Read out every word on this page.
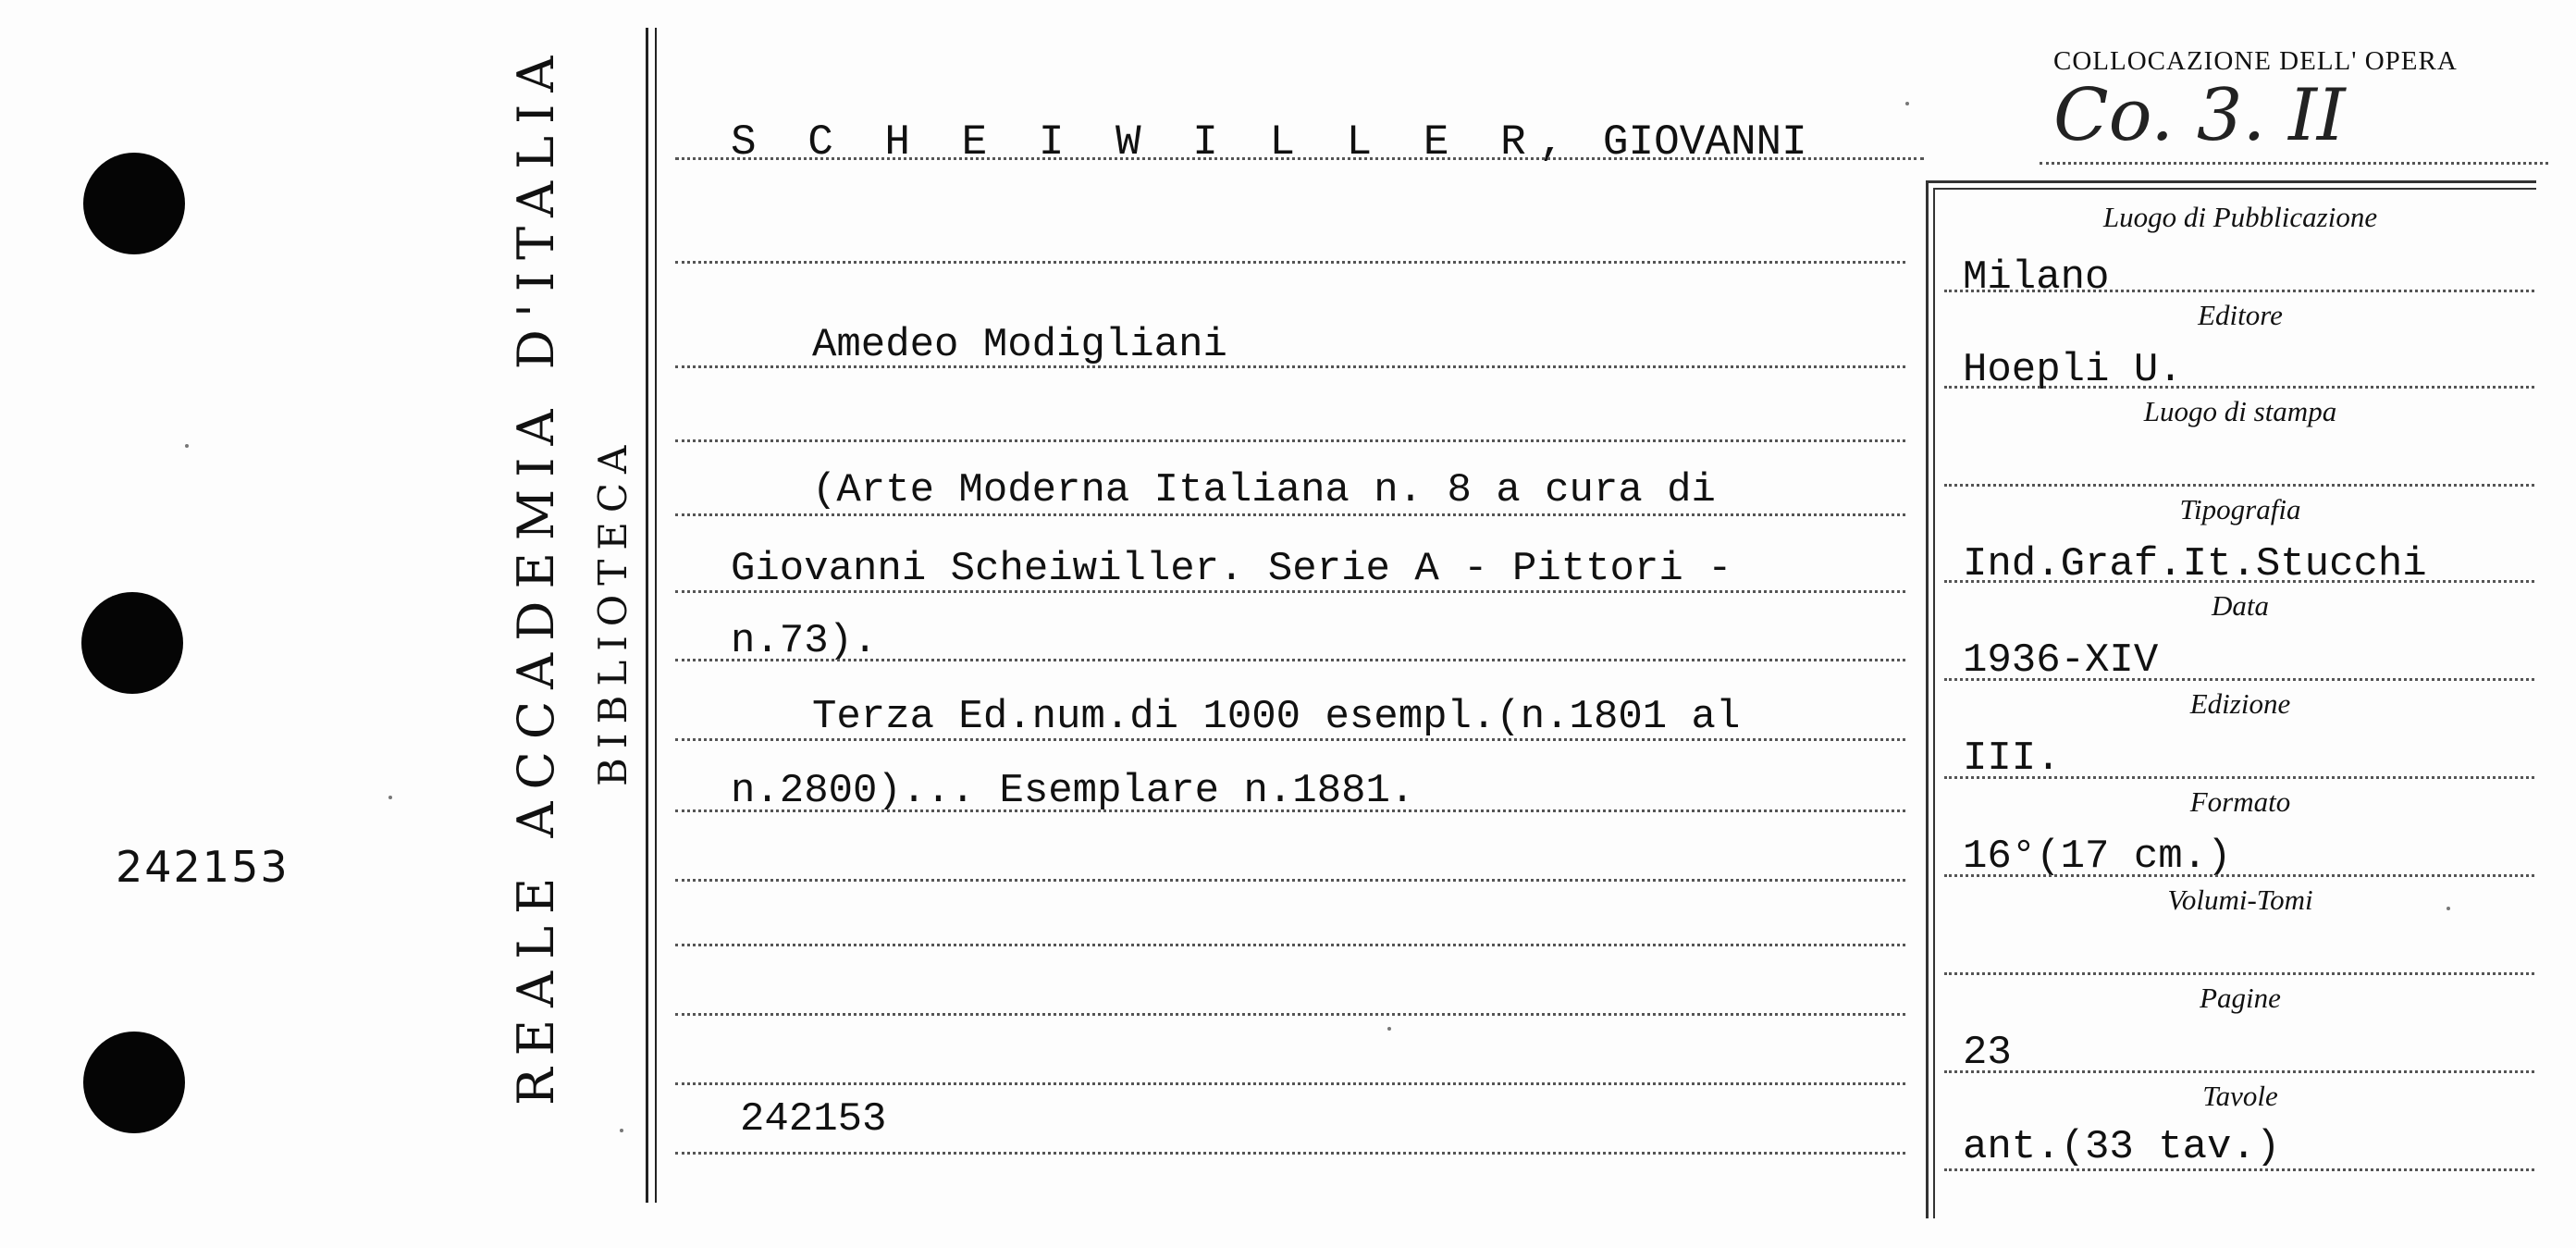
242153	REALE ACCADEMIA D'ITALIA BIBLIOTECA
COLLOCAZIONE DELL' OPERA
Co. 3. II
S C H E I W I L L E R, GIOVANNI
Amedeo Modigliani
(Arte Moderna Italiana n. 8 a cura di
Giovanni Scheiwiller. Serie A - Pittori -
n.73).
Terza Ed.num.di 1000 esempl.(n.1801 al
n.2800)... Esemplare n.1881.
242153
Luogo di Pubblicazione
Milano
Editore
Hoepli U.
Luogo di stampa
Tipografia
Ind.Graf.It.Stucchi
Data
1936-XIV
Edizione
III.
Formato
16°(17 cm.)
Volumi-Tomi
Pagine
23
Tavole
ant.(33 tav.)
